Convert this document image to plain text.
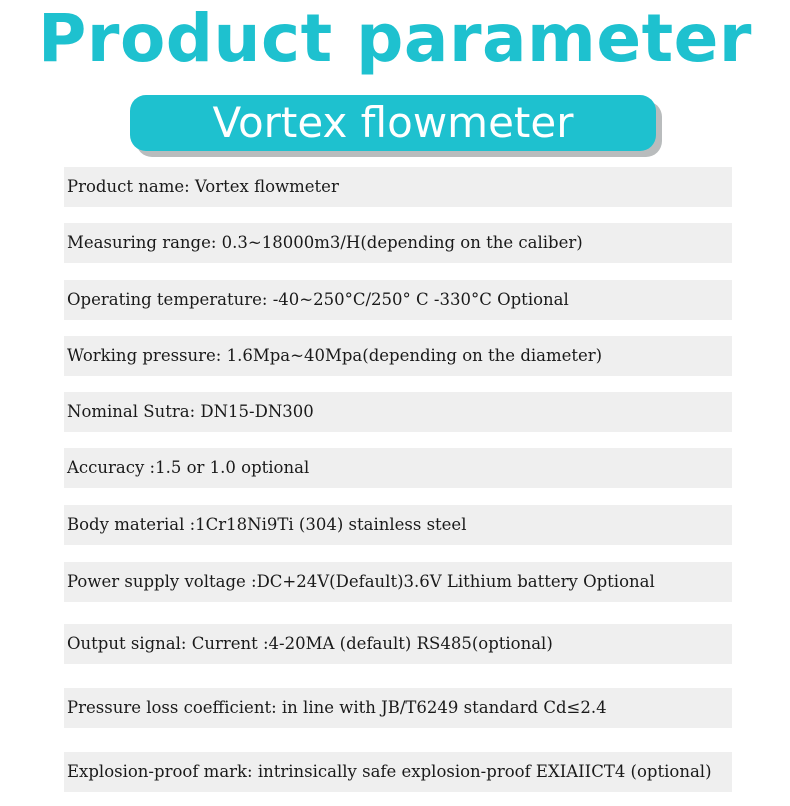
Product parameter
Vortex flowmeter
Product name: Vortex flowmeter
Measuring range: 0.3~18000m3/H(depending on the caliber)
Operating temperature: -40~250°C/250° C -330°C Optional
Working pressure: 1.6Mpa~40Mpa(depending on the diameter)
Nominal Sutra: DN15-DN300
Accuracy :1.5 or 1.0 optional
Body material :1Cr18Ni9Ti (304) stainless steel
Power supply voltage :DC+24V(Default)3.6V Lithium battery Optional
Output signal: Current :4-20MA (default) RS485(optional)
Pressure loss coefficient: in line with JB/T6249 standard Cd≤2.4
Explosion-proof mark: intrinsically safe explosion-proof EXIAIICT4 (optional)
